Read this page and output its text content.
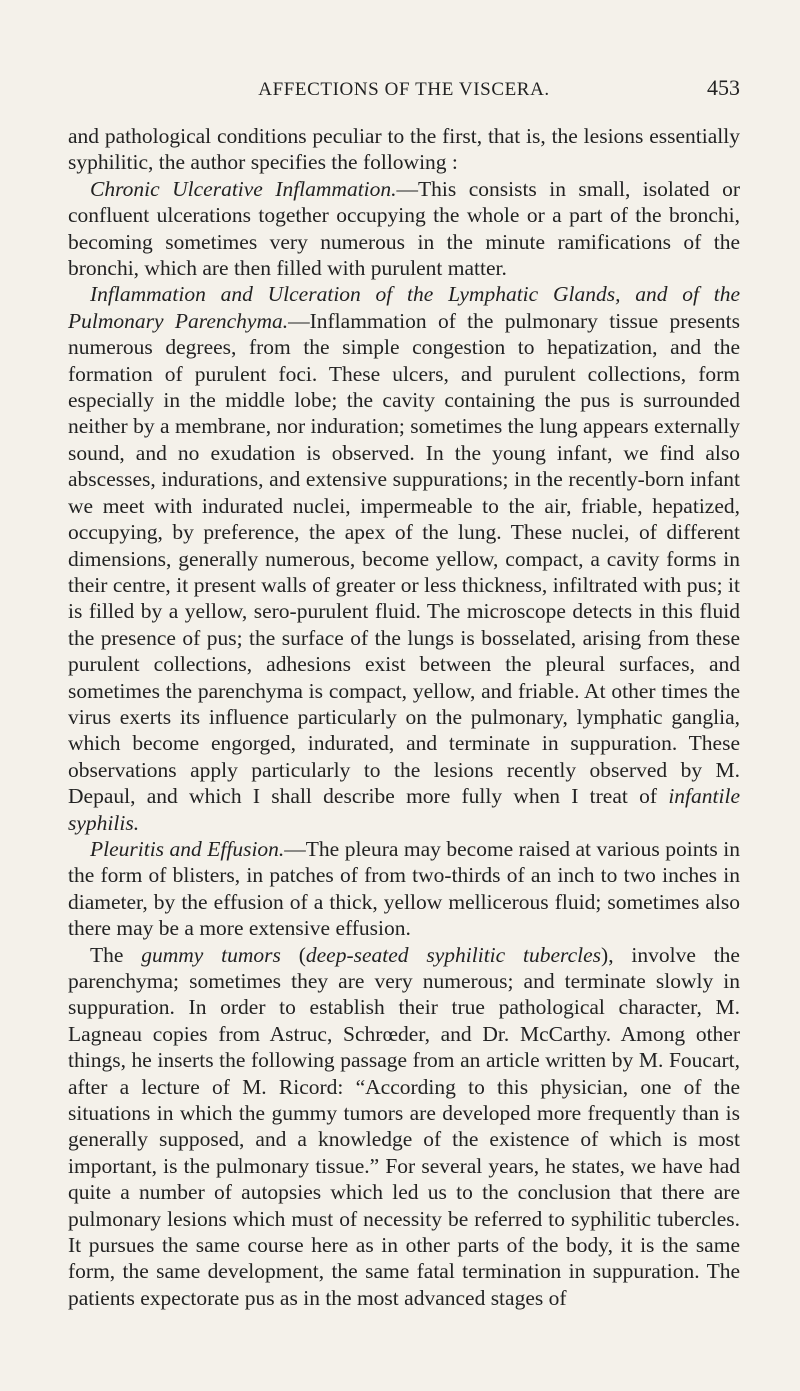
AFFECTIONS OF THE VISCERA.	453

and pathological conditions peculiar to the first, that is, the lesions essentially syphilitic, the author specifies the following :

Chronic Ulcerative Inflammation.—This consists in small, isolated or confluent ulcerations together occupying the whole or a part of the bronchi, becoming sometimes very numerous in the minute ramifications of the bronchi, which are then filled with purulent matter.

Inflammation and Ulceration of the Lymphatic Glands, and of the Pulmonary Parenchyma.—Inflammation of the pulmonary tissue presents numerous degrees, from the simple congestion to hepatization, and the formation of purulent foci. These ulcers, and purulent collections, form especially in the middle lobe; the cavity containing the pus is surrounded neither by a membrane, nor induration; sometimes the lung appears externally sound, and no exudation is observed. In the young infant, we find also abscesses, indurations, and extensive suppurations; in the recently-born infant we meet with indurated nuclei, impermeable to the air, friable, hepatized, occupying, by preference, the apex of the lung. These nuclei, of different dimensions, generally numerous, become yellow, compact, a cavity forms in their centre, it present walls of greater or less thickness, infiltrated with pus; it is filled by a yellow, sero-purulent fluid. The microscope detects in this fluid the presence of pus; the surface of the lungs is bosselated, arising from these purulent collections, adhesions exist between the pleural surfaces, and sometimes the parenchyma is compact, yellow, and friable. At other times the virus exerts its influence particularly on the pulmonary, lymphatic ganglia, which become engorged, indurated, and terminate in suppuration. These observations apply particularly to the lesions recently observed by M. Depaul, and which I shall describe more fully when I treat of infantile syphilis.

Pleuritis and Effusion.—The pleura may become raised at various points in the form of blisters, in patches of from two-thirds of an inch to two inches in diameter, by the effusion of a thick, yellow mellicerous fluid; sometimes also there may be a more extensive effusion.

The gummy tumors (deep-seated syphilitic tubercles), involve the parenchyma; sometimes they are very numerous; and terminate slowly in suppuration. In order to establish their true pathological character, M. Lagneau copies from Astruc, Schrœder, and Dr. McCarthy. Among other things, he inserts the following passage from an article written by M. Foucart, after a lecture of M. Ricord: “According to this physician, one of the situations in which the gummy tumors are developed more frequently than is generally supposed, and a knowledge of the existence of which is most important, is the pulmonary tissue.” For several years, he states, we have had quite a number of autopsies which led us to the conclusion that there are pulmonary lesions which must of necessity be referred to syphilitic tubercles. It pursues the same course here as in other parts of the body, it is the same form, the same development, the same fatal termination in suppuration. The patients expectorate pus as in the most advanced stages of
